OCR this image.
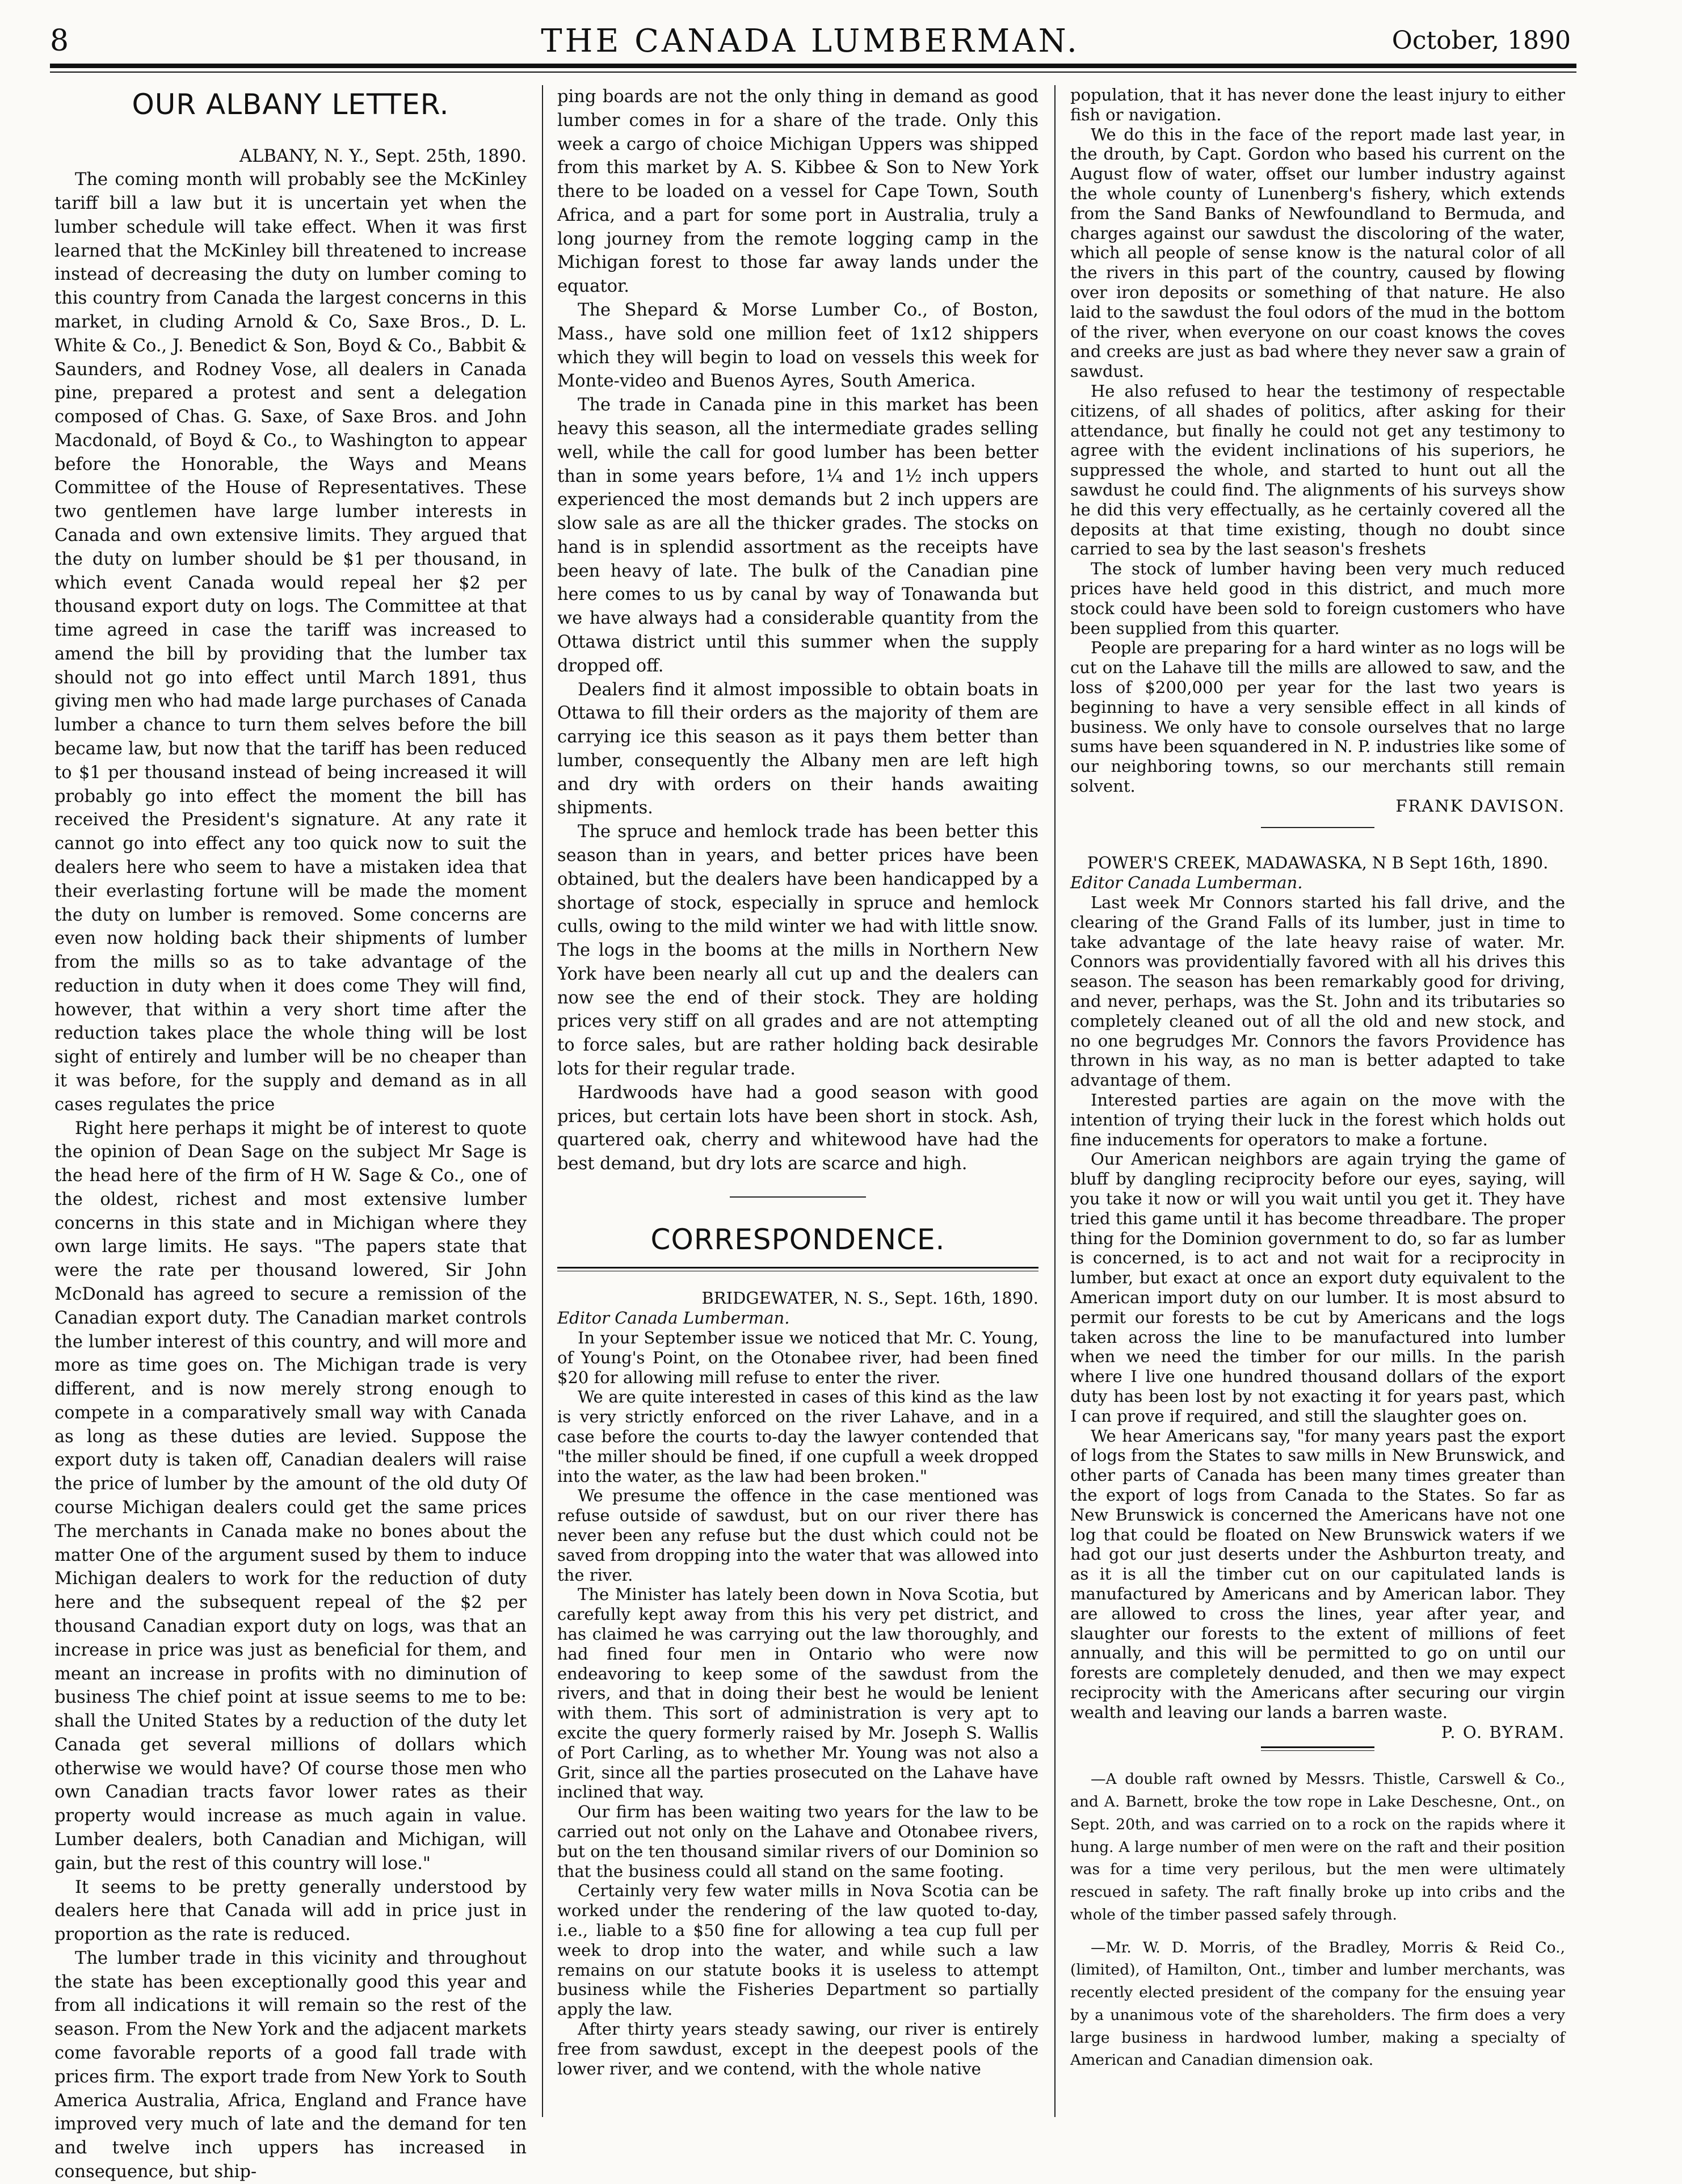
8	THE CANADA LUMBERMAN.	October, 1890
OUR ALBANY LETTER.

ALBANY, N. Y., Sept. 25th, 1890.

The coming month will probably see the McKinley tariff bill a law but it is uncertain yet when the lumber schedule will take effect. When it was first learned that the McKinley bill threatened to increase instead of decreasing the duty on lumber coming to this country from Canada the largest concerns in this market, in cluding Arnold & Co, Saxe Bros., D. L. White & Co., J. Benedict & Son, Boyd & Co., Babbit & Saunders, and Rodney Vose, all dealers in Canada pine, prepared a protest and sent a delegation composed of Chas. G. Saxe, of Saxe Bros. and John Macdonald, of Boyd & Co., to Washington to appear before the Honorable, the Ways and Means Committee of the House of Representatives. These two gentlemen have large lumber interests in Canada and own extensive limits. They argued that the duty on lumber should be $1 per thousand, in which event Canada would repeal her $2 per thousand export duty on logs. The Committee at that time agreed in case the tariff was increased to amend the bill by providing that the lumber tax should not go into effect until March 1891, thus giving men who had made large purchases of Canada lumber a chance to turn them selves before the bill became law, but now that the tariff has been reduced to $1 per thousand instead of being increased it will probably go into effect the moment the bill has received the President's signature. At any rate it cannot go into effect any too quick now to suit the dealers here who seem to have a mistaken idea that their everlasting fortune will be made the moment the duty on lumber is removed. Some concerns are even now holding back their shipments of lumber from the mills so as to take advantage of the reduction in duty when it does come They will find, however, that within a very short time after the reduction takes place the whole thing will be lost sight of entirely and lumber will be no cheaper than it was before, for the supply and demand as in all cases regulates the price

Right here perhaps it might be of interest to quote the opinion of Dean Sage on the subject Mr Sage is the head here of the firm of H W. Sage & Co., one of the oldest, richest and most extensive lumber concerns in this state and in Michigan where they own large limits. He says. "The papers state that were the rate per thousand lowered, Sir John McDonald has agreed to secure a remission of the Canadian export duty. The Canadian market controls the lumber interest of this country, and will more and more as time goes on. The Michigan trade is very different, and is now merely strong enough to compete in a comparatively small way with Canada as long as these duties are levied. Suppose the export duty is taken off, Canadian dealers will raise the price of lumber by the amount of the old duty Of course Michigan dealers could get the same prices The merchants in Canada make no bones about the matter One of the argument sused by them to induce Michigan dealers to work for the reduction of duty here and the subsequent repeal of the $2 per thousand Canadian export duty on logs, was that an increase in price was just as beneficial for them, and meant an increase in profits with no diminution of business The chief point at issue seems to me to be: shall the United States by a reduction of the duty let Canada get several millions of dollars which otherwise we would have? Of course those men who own Canadian tracts favor lower rates as their property would increase as much again in value. Lumber dealers, both Canadian and Michigan, will gain, but the rest of this country will lose."

It seems to be pretty generally understood by dealers here that Canada will add in price just in proportion as the rate is reduced.

The lumber trade in this vicinity and throughout the state has been exceptionally good this year and from all indications it will remain so the rest of the season. From the New York and the adjacent markets come favorable reports of a good fall trade with prices firm. The export trade from New York to South America Australia, Africa, England and France have improved very much of late and the demand for ten and twelve inch uppers has increased in consequence, but ship-

ping boards are not the only thing in demand as good lumber comes in for a share of the trade. Only this week a cargo of choice Michigan Uppers was shipped from this market by A. S. Kibbee & Son to New York there to be loaded on a vessel for Cape Town, South Africa, and a part for some port in Australia, truly a long journey from the remote logging camp in the Michigan forest to those far away lands under the equator.

The Shepard & Morse Lumber Co., of Boston, Mass., have sold one million feet of 1x12 shippers which they will begin to load on vessels this week for Monte-video and Buenos Ayres, South America.

The trade in Canada pine in this market has been heavy this season, all the intermediate grades selling well, while the call for good lumber has been better than in some years before, 1¼ and 1½ inch uppers experienced the most demands but 2 inch uppers are slow sale as are all the thicker grades. The stocks on hand is in splendid assortment as the receipts have been heavy of late. The bulk of the Canadian pine here comes to us by canal by way of Tonawanda but we have always had a considerable quantity from the Ottawa district until this summer when the supply dropped off.

Dealers find it almost impossible to obtain boats in Ottawa to fill their orders as the majority of them are carrying ice this season as it pays them better than lumber, consequently the Albany men are left high and dry with orders on their hands awaiting shipments.

The spruce and hemlock trade has been better this season than in years, and better prices have been obtained, but the dealers have been handicapped by a shortage of stock, especially in spruce and hemlock culls, owing to the mild winter we had with little snow. The logs in the booms at the mills in Northern New York have been nearly all cut up and the dealers can now see the end of their stock. They are holding prices very stiff on all grades and are not attempting to force sales, but are rather holding back desirable lots for their regular trade.

Hardwoods have had a good season with good prices, but certain lots have been short in stock. Ash, quartered oak, cherry and whitewood have had the best demand, but dry lots are scarce and high.

CORRESPONDENCE.

BRIDGEWATER, N. S., Sept. 16th, 1890.

Editor Canada Lumberman.

In your September issue we noticed that Mr. C. Young, of Young's Point, on the Otonabee river, had been fined $20 for allowing mill refuse to enter the river.

We are quite interested in cases of this kind as the law is very strictly enforced on the river Lahave, and in a case before the courts to-day the lawyer contended that "the miller should be fined, if one cupfull a week dropped into the water, as the law had been broken."

We presume the offence in the case mentioned was refuse outside of sawdust, but on our river there has never been any refuse but the dust which could not be saved from dropping into the water that was allowed into the river.

The Minister has lately been down in Nova Scotia, but carefully kept away from this his very pet district, and has claimed he was carrying out the law thoroughly, and had fined four men in Ontario who were now endeavoring to keep some of the sawdust from the rivers, and that in doing their best he would be lenient with them. This sort of administration is very apt to excite the query formerly raised by Mr. Joseph S. Wallis of Port Carling, as to whether Mr. Young was not also a Grit, since all the parties prosecuted on the Lahave have inclined that way.

Our firm has been waiting two years for the law to be carried out not only on the Lahave and Otonabee rivers, but on the ten thousand similar rivers of our Dominion so that the business could all stand on the same footing.

Certainly very few water mills in Nova Scotia can be worked under the rendering of the law quoted to-day, i.e., liable to a $50 fine for allowing a tea cup full per week to drop into the water, and while such a law remains on our statute books it is useless to attempt business while the Fisheries Department so partially apply the law.

After thirty years steady sawing, our river is entirely free from sawdust, except in the deepest pools of the lower river, and we contend, with the whole native

population, that it has never done the least injury to either fish or navigation.

We do this in the face of the report made last year, in the drouth, by Capt. Gordon who based his current on the August flow of water, offset our lumber industry against the whole county of Lunenberg's fishery, which extends from the Sand Banks of Newfoundland to Bermuda, and charges against our sawdust the discoloring of the water, which all people of sense know is the natural color of all the rivers in this part of the country, caused by flowing over iron deposits or something of that nature. He also laid to the sawdust the foul odors of the mud in the bottom of the river, when everyone on our coast knows the coves and creeks are just as bad where they never saw a grain of sawdust.

He also refused to hear the testimony of respectable citizens, of all shades of politics, after asking for their attendance, but finally he could not get any testimony to agree with the evident inclinations of his superiors, he suppressed the whole, and started to hunt out all the sawdust he could find. The alignments of his surveys show he did this very effectually, as he certainly covered all the deposits at that time existing, though no doubt since carried to sea by the last season's freshets

The stock of lumber having been very much reduced prices have held good in this district, and much more stock could have been sold to foreign customers who have been supplied from this quarter.

People are preparing for a hard winter as no logs will be cut on the Lahave till the mills are allowed to saw, and the loss of $200,000 per year for the last two years is beginning to have a very sensible effect in all kinds of business. We only have to console ourselves that no large sums have been squandered in N. P. industries like some of our neighboring towns, so our merchants still remain solvent.

FRANK DAVISON.

POWER'S CREEK, MADAWASKA, N B Sept 16th, 1890.

Editor Canada Lumberman.

Last week Mr Connors started his fall drive, and the clearing of the Grand Falls of its lumber, just in time to take advantage of the late heavy raise of water. Mr. Connors was providentially favored with all his drives this season. The season has been remarkably good for driving, and never, perhaps, was the St. John and its tributaries so completely cleaned out of all the old and new stock, and no one begrudges Mr. Connors the favors Providence has thrown in his way, as no man is better adapted to take advantage of them.

Interested parties are again on the move with the intention of trying their luck in the forest which holds out fine inducements for operators to make a fortune.

Our American neighbors are again trying the game of bluff by dangling reciprocity before our eyes, saying, will you take it now or will you wait until you get it. They have tried this game until it has become threadbare. The proper thing for the Dominion government to do, so far as lumber is concerned, is to act and not wait for a reciprocity in lumber, but exact at once an export duty equivalent to the American import duty on our lumber. It is most absurd to permit our forests to be cut by Americans and the logs taken across the line to be manufactured into lumber when we need the timber for our mills. In the parish where I live one hundred thousand dollars of the export duty has been lost by not exacting it for years past, which I can prove if required, and still the slaughter goes on.

We hear Americans say, "for many years past the export of logs from the States to saw mills in New Brunswick, and other parts of Canada has been many times greater than the export of logs from Canada to the States. So far as New Brunswick is concerned the Americans have not one log that could be floated on New Brunswick waters if we had got our just deserts under the Ashburton treaty, and as it is all the timber cut on our capitulated lands is manufactured by Americans and by American labor. They are allowed to cross the lines, year after year, and slaughter our forests to the extent of millions of feet annually, and this will be permitted to go on until our forests are completely denuded, and then we may expect reciprocity with the Americans after securing our virgin wealth and leaving our lands a barren waste.

P. O. BYRAM.

—A double raft owned by Messrs. Thistle, Carswell & Co., and A. Barnett, broke the tow rope in Lake Deschesne, Ont., on Sept. 20th, and was carried on to a rock on the rapids where it hung. A large number of men were on the raft and their position was for a time very perilous, but the men were ultimately rescued in safety. The raft finally broke up into cribs and the whole of the timber passed safely through.

—Mr. W. D. Morris, of the Bradley, Morris & Reid Co., (limited), of Hamilton, Ont., timber and lumber merchants, was recently elected president of the company for the ensuing year by a unanimous vote of the shareholders. The firm does a very large business in hardwood lumber, making a specialty of American and Canadian dimension oak.
